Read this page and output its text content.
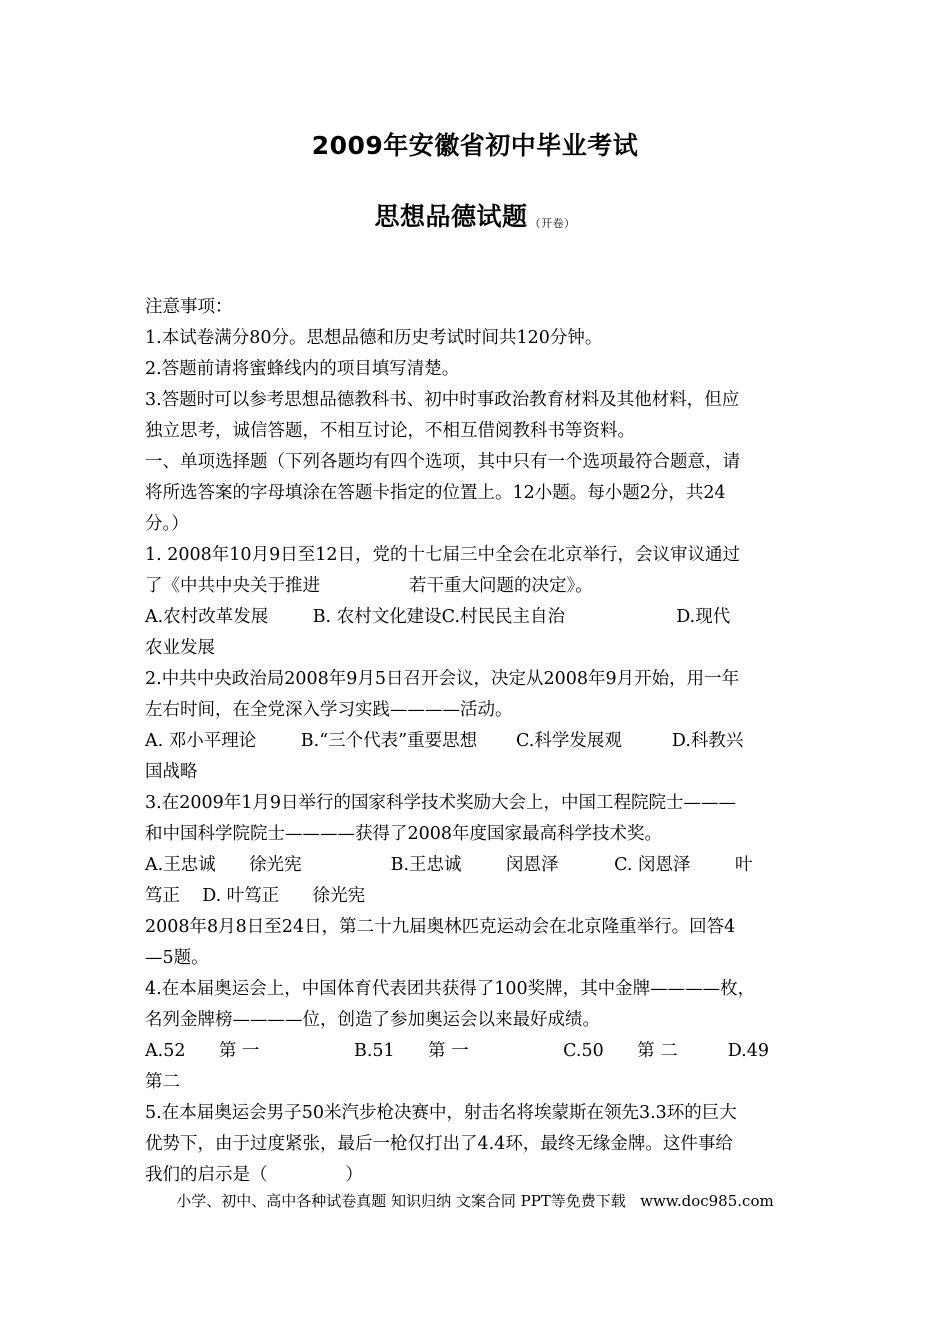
2009年安徽省初中毕业考试
思想品德试题 （开卷）
注意事项：
1.本试卷满分80分。思想品德和历史考试时间共120分钟。
2.答题前请将蜜蜂线内的项目填写清楚。
3.答题时可以参考思想品德教科书、初中时事政治教育材料及其他材料，但应
独立思考，诚信答题，不相互讨论，不相互借阅教科书等资料。
一、单项选择题（下列各题均有四个选项，其中只有一个选项最符合题意，请
将所选答案的字母填涂在答题卡指定的位置上。12小题。每小题2分，共24
分。）
1. 2008年10月9日至12日，党的十七届三中全会在北京举行，会议审议通过
了《中共中央关于推进                若干重大问题的决定》。
A.农村改革发展        B. 农村文化建设C.村民民主自治                    D.现代
农业发展
2.中共中央政治局2008年9月5日召开会议，决定从2008年9月开始，用一年
左右时间，在全党深入学习实践————活动。
A. 邓小平理论        B.“三个代表”重要思想       C.科学发展观         D.科教兴
国战略
3.在2009年1月9日举行的国家科学技术奖励大会上，中国工程院院士———
和中国科学院院士————获得了2008年度国家最高科学技术奖。
A.王忠诚      徐光宪                B.王忠诚        闵恩泽          C. 闵恩泽        叶
笃正    D. 叶笃正      徐光宪
2008年8月8日至24日，第二十九届奥林匹克运动会在北京隆重举行。回答4
—5题。
4.在本届奥运会上，中国体育代表团共获得了100奖牌，其中金牌————枚，
名列金牌榜————位，创造了参加奥运会以来最好成绩。
A.52      第 一                 B.51      第 一                 C.50      第 二         D.49
第二
5.在本届奥运会男子50米汽步枪决赛中，射击名将埃蒙斯在领先3.3环的巨大
优势下，由于过度紧张，最后一枪仅打出了4.4环，最终无缘金牌。这件事给
我们的启示是（              ）
小学、初中、高中各种试卷真题 知识归纳 文案合同 PPT等免费下载   www.doc985.com
